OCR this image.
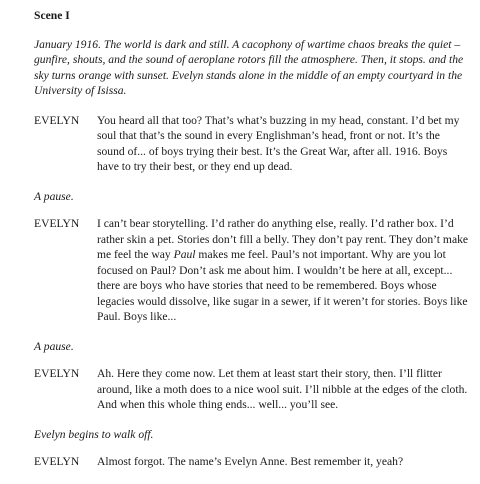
Scene I
January 1916. The world is dark and still. A cacophony of wartime chaos breaks the quiet – gunfire, shouts, and the sound of aeroplane rotors fill the atmosphere. Then, it stops. and the sky turns orange with sunset. Evelyn stands alone in the middle of an empty courtyard in the University of Isissa.
EVELYN	You heard all that too? That’s what’s buzzing in my head, constant. I’d bet my soul that that’s the sound in every Englishman’s head, front or not. It’s the sound of... of boys trying their best. It’s the Great War, after all. 1916. Boys have to try their best, or they end up dead.
A pause.
EVELYN	I can’t bear storytelling. I’d rather do anything else, really. I’d rather box. I’d rather skin a pet. Stories don’t fill a belly. They don’t pay rent. They don’t make me feel the way Paul makes me feel. Paul’s not important. Why are you lot focused on Paul? Don’t ask me about him. I wouldn’t be here at all, except... there are boys who have stories that need to be remembered. Boys whose legacies would dissolve, like sugar in a sewer, if it weren’t for stories. Boys like Paul. Boys like...
A pause.
EVELYN	Ah. Here they come now. Let them at least start their story, then. I’ll flitter around, like a moth does to a nice wool suit. I’ll nibble at the edges of the cloth. And when this whole thing ends... well... you’ll see.
Evelyn begins to walk off.
EVELYN	Almost forgot. The name’s Evelyn Anne. Best remember it, yeah?
